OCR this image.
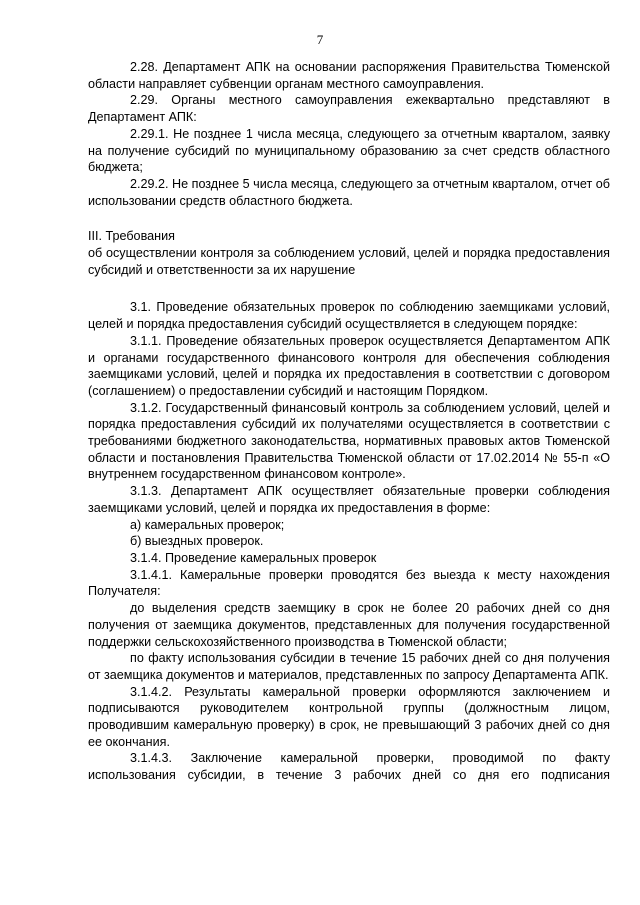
7

2.28. Департамент АПК на основании распоряжения Правительства Тюменской области направляет субвенции органам местного самоуправления.

2.29. Органы местного самоуправления ежеквартально представляют в Департамент АПК:

2.29.1. Не позднее 1 числа месяца, следующего за отчетным кварталом, заявку на получение субсидий по муниципальному образованию за счет средств областного бюджета;

2.29.2. Не позднее 5 числа месяца, следующего за отчетным кварталом, отчет об использовании средств областного бюджета.

III. Требования

об осуществлении контроля за соблюдением условий, целей и порядка предоставления субсидий и ответственности за их нарушение

3.1. Проведение обязательных проверок по соблюдению заемщиками условий, целей и порядка предоставления субсидий осуществляется в следующем порядке:

3.1.1. Проведение обязательных проверок осуществляется Департаментом АПК и органами государственного финансового контроля для обеспечения соблюдения заемщиками условий, целей и порядка их предоставления в соответствии с договором (соглашением) о предоставлении субсидий и настоящим Порядком.

3.1.2. Государственный финансовый контроль за соблюдением условий, целей и порядка предоставления субсидий их получателями осуществляется в соответствии с требованиями бюджетного законодательства, нормативных правовых актов Тюменской области и постановления Правительства Тюменской области от 17.02.2014 № 55-п «О внутреннем государственном финансовом контроле».

3.1.3. Департамент АПК осуществляет обязательные проверки соблюдения заемщиками условий, целей и порядка их предоставления в форме:

а) камеральных проверок;

б) выездных проверок.

3.1.4. Проведение камеральных проверок

3.1.4.1. Камеральные проверки проводятся без выезда к месту нахождения Получателя:

до выделения средств заемщику в срок не более 20 рабочих дней со дня получения от заемщика документов, представленных для получения государственной поддержки сельскохозяйственного производства в Тюменской области;

по факту использования субсидии в течение 15 рабочих дней со дня получения от заемщика документов и материалов, представленных по запросу Департамента АПК.

3.1.4.2. Результаты камеральной проверки оформляются заключением и подписываются руководителем контрольной группы (должностным лицом, проводившим камеральную проверку) в срок, не превышающий 3 рабочих дней со дня ее окончания.

3.1.4.3. Заключение камеральной проверки, проводимой по факту использования субсидии, в течение 3 рабочих дней со дня его подписания
